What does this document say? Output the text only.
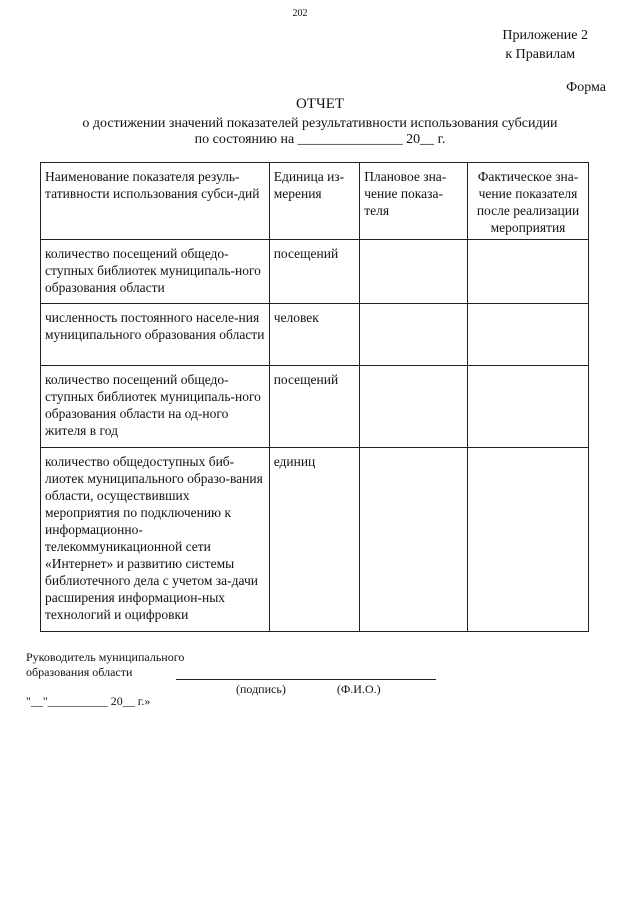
202
Приложение 2
к Правилам
Форма
ОТЧЕТ
о достижении значений показателей результативности использования субсидии
по состоянию на _______________ 20__ г.
Наименование показателя резуль-тативности использования субси-дий	Единица из-мерения	Плановое зна-чение показа-теля	Фактическое зна-чение показателя после реализации мероприятия
количество посещений общедо-ступных библиотек муниципаль-ного образования области	посещений		
численность постоянного населе-ния муниципального образования области	человек		
количество посещений общедо-ступных библиотек муниципаль-ного образования области на од-ного жителя в год	посещений		
количество общедоступных биб-лиотек муниципального образо-вания области, осуществивших мероприятия по подключению к информационно-телекоммуникационной сети «Интернет» и развитию системы библиотечного дела с учетом за-дачи расширения информацион-ных технологий и оцифровки	единиц		
Руководитель муниципального
образования области
(подпись)	(Ф.И.О.)
"__"__________ 20__ г.»
